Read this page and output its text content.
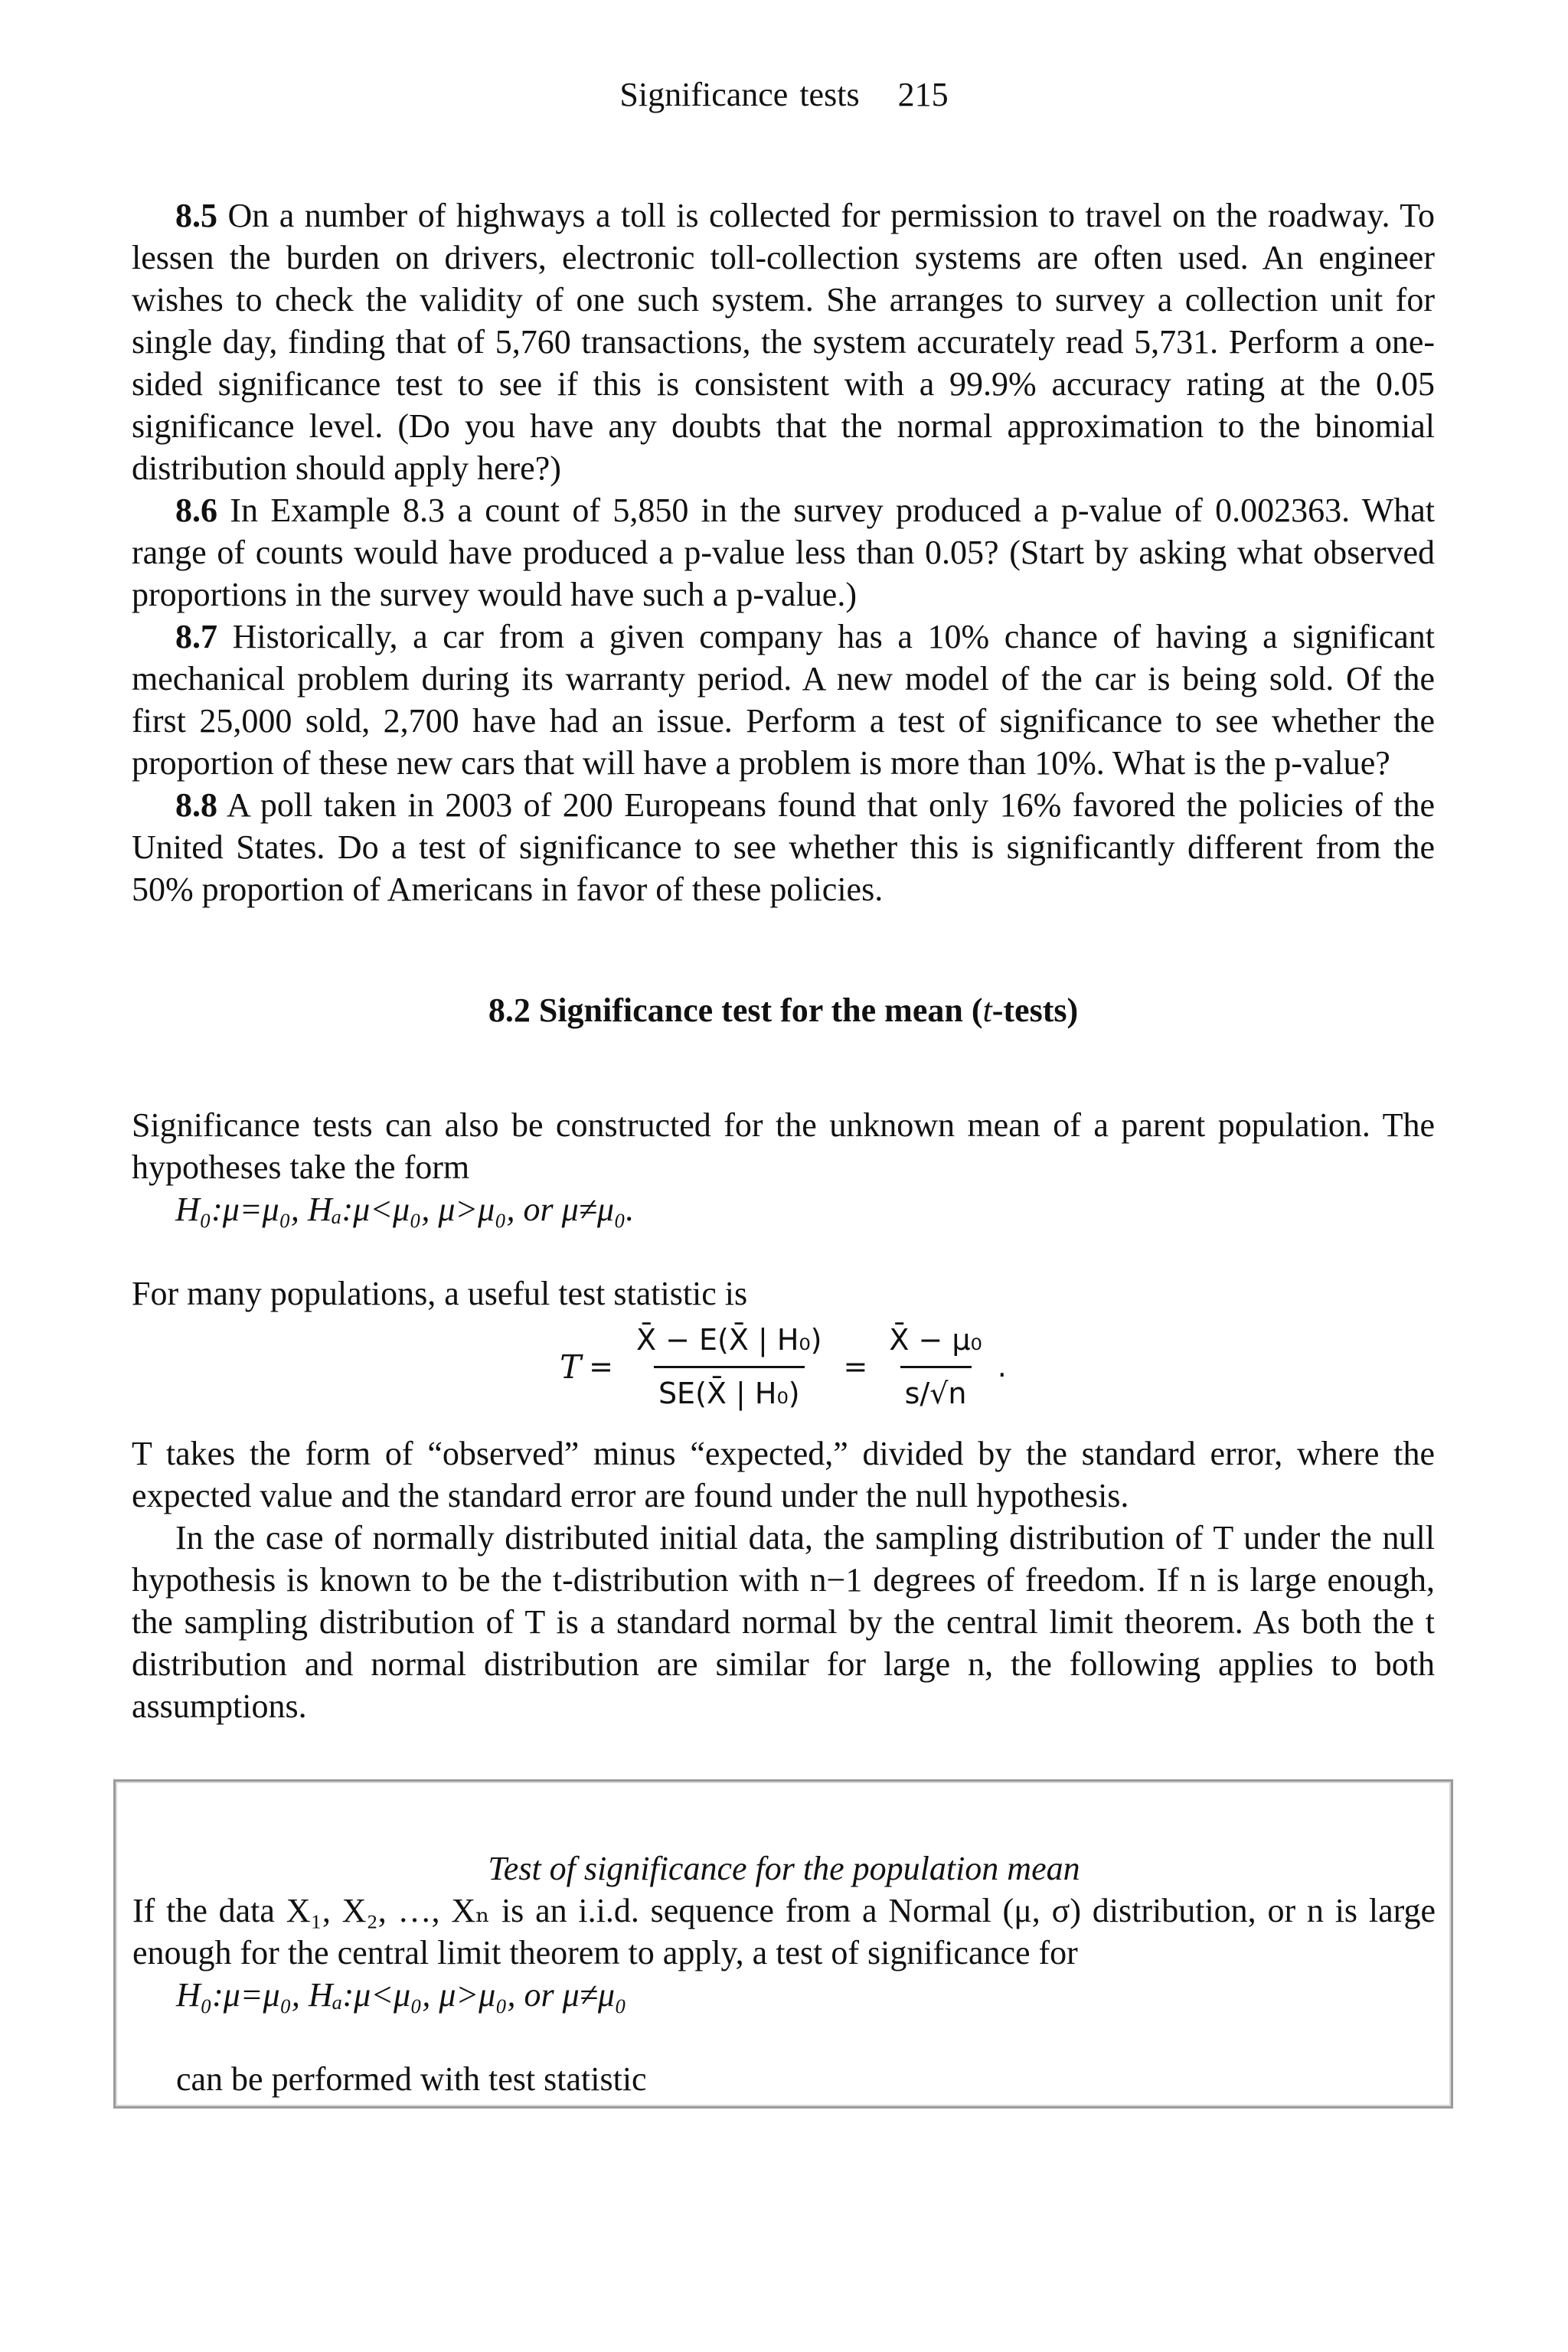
Significance tests 215

8.5 On a number of highways a toll is collected for permission to travel on the roadway. To lessen the burden on drivers, electronic toll-collection systems are often used. An engineer wishes to check the validity of one such system. She arranges to survey a collection unit for single day, finding that of 5,760 transactions, the system accurately read 5,731. Perform a one-sided significance test to see if this is consistent with a 99.9% accuracy rating at the 0.05 significance level. (Do you have any doubts that the normal approximation to the binomial distribution should apply here?)

8.6 In Example 8.3 a count of 5,850 in the survey produced a p-value of 0.002363. What range of counts would have produced a p-value less than 0.05? (Start by asking what observed proportions in the survey would have such a p-value.)

8.7 Historically, a car from a given company has a 10% chance of having a significant mechanical problem during its warranty period. A new model of the car is being sold. Of the first 25,000 sold, 2,700 have had an issue. Perform a test of significance to see whether the proportion of these new cars that will have a problem is more than 10%. What is the p-value?

8.8 A poll taken in 2003 of 200 Europeans found that only 16% favored the policies of the United States. Do a test of significance to see whether this is significantly different from the 50% proportion of Americans in favor of these policies.

8.2 Significance test for the mean (t-tests)

Significance tests can also be constructed for the unknown mean of a parent population. The hypotheses take the form

H₀:μ=μ₀, Hₐ:μ<μ₀, μ>μ₀, or μ≠μ₀.

For many populations, a useful test statistic is

$T = \frac{\text{X̄ − E(X̄ | H₀)}}{\text{SE(X̄ | H₀)}} = \frac{\text{X̄ − μ₀}}{s/√n}$ .

T takes the form of “observed” minus “expected,” divided by the standard error, where the expected value and the standard error are found under the null hypothesis.

In the case of normally distributed initial data, the sampling distribution of T under the null hypothesis is known to be the t-distribution with n−1 degrees of freedom. If n is large enough, the sampling distribution of T is a standard normal by the central limit theorem. As both the t distribution and normal distribution are similar for large n, the following applies to both assumptions.

Test of significance for the population mean

If the data X₁, X₂, …, Xₙ is an i.i.d. sequence from a Normal (μ, σ) distribution, or n is large enough for the central limit theorem to apply, a test of significance for

H₀:μ=μ₀, Hₐ:μ<μ₀, μ>μ₀, or μ≠μ₀

can be performed with test statistic
